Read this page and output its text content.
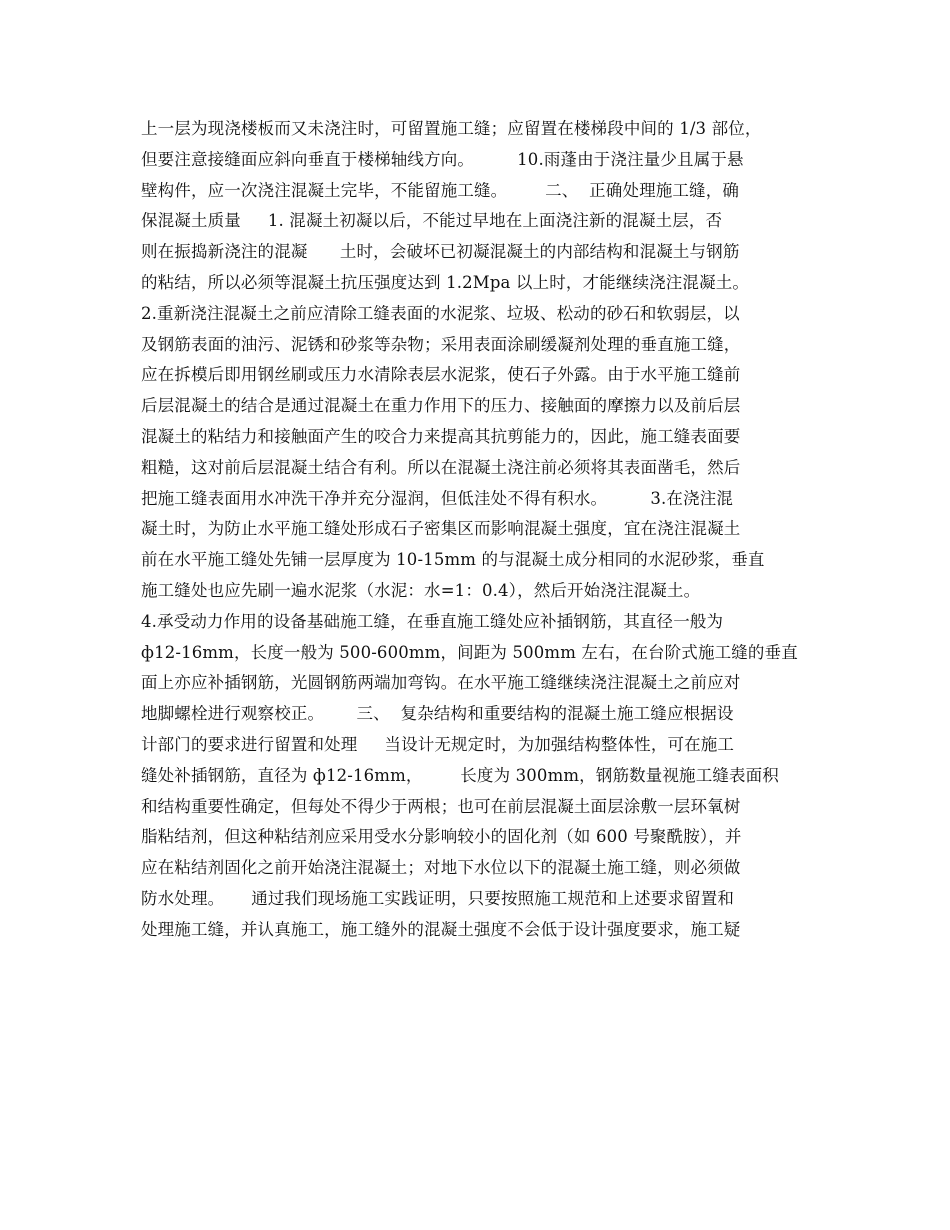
上一层为现浇楼板而又未浇注时，可留置施工缝；应留置在楼梯段中间的 1/3 部位，
但要注意接缝面应斜向垂直于楼梯轴线方向。        10.雨蓬由于浇注量少且属于悬
壁构件，应一次浇注混凝土完毕，不能留施工缝。       二、  正确处理施工缝，确
保混凝土质量     1. 混凝土初凝以后，不能过早地在上面浇注新的混凝土层，否
则在振捣新浇注的混凝      土时，会破坏已初凝混凝土的内部结构和混凝土与钢筋
的粘结，所以必须等混凝土抗压强度达到 1.2Mpa 以上时，才能继续浇注混凝土。
2.重新浇注混凝土之前应清除工缝表面的水泥浆、垃圾、松动的砂石和软弱层，以
及钢筋表面的油污、泥锈和砂浆等杂物；采用表面涂刷缓凝剂处理的垂直施工缝，
应在拆模后即用钢丝刷或压力水清除表层水泥浆，使石子外露。由于水平施工缝前
后层混凝土的结合是通过混凝土在重力作用下的压力、接触面的摩擦力以及前后层
混凝土的粘结力和接触面产生的咬合力来提高其抗剪能力的，因此，施工缝表面要
粗糙，这对前后层混凝土结合有利。所以在混凝土浇注前必须将其表面凿毛，然后
把施工缝表面用水冲洗干净并充分湿润，但低洼处不得有积水。        3.在浇注混
凝土时，为防止水平施工缝处形成石子密集区而影响混凝土强度，宜在浇注混凝土
前在水平施工缝处先铺一层厚度为 10-15mm 的与混凝土成分相同的水泥砂浆，垂直
施工缝处也应先刷一遍水泥浆（水泥：水=1：0.4），然后开始浇注混凝土。
4.承受动力作用的设备基础施工缝，在垂直施工缝处应补插钢筋，其直径一般为
ф12-16mm，长度一般为 500-600mm，间距为 500mm 左右，在台阶式施工缝的垂直
面上亦应补插钢筋，光圆钢筋两端加弯钩。在水平施工缝继续浇注混凝土之前应对
地脚螺栓进行观察校正。      三、  复杂结构和重要结构的混凝土施工缝应根据设
计部门的要求进行留置和处理     当设计无规定时，为加强结构整体性，可在施工
缝处补插钢筋，直径为 ф12-16mm，       长度为 300mm，钢筋数量视施工缝表面积
和结构重要性确定，但每处不得少于两根；也可在前层混凝土面层涂敷一层环氧树
脂粘结剂，但这种粘结剂应采用受水分影响较小的固化剂（如 600 号聚酰胺），并
应在粘结剂固化之前开始浇注混凝土；对地下水位以下的混凝土施工缝，则必须做
防水处理。     通过我们现场施工实践证明，只要按照施工规范和上述要求留置和
处理施工缝，并认真施工，施工缝外的混凝土强度不会低于设计强度要求，施工疑
